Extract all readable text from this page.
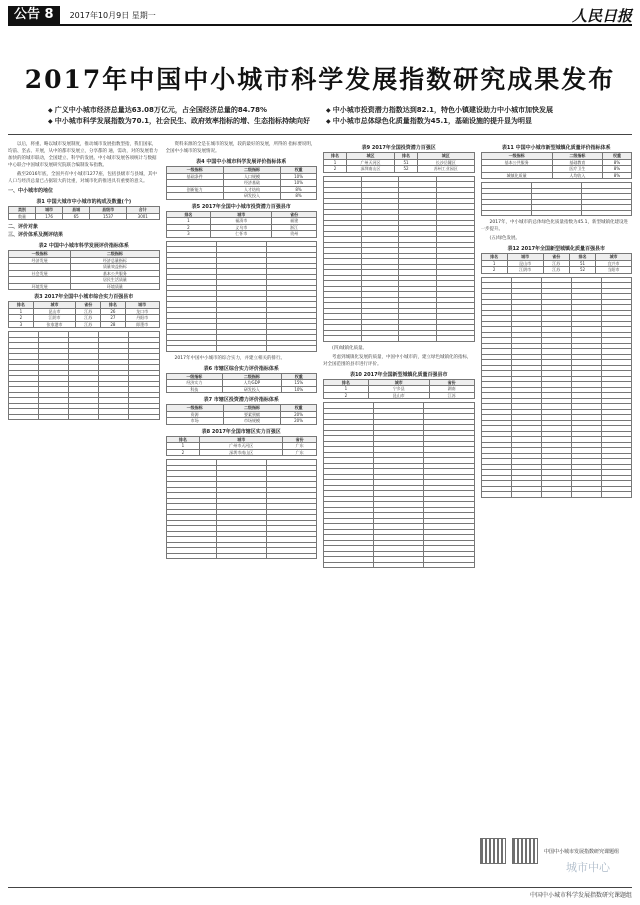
公告 8	2017年10月9日 星期一	人民日报
2017年中国中小城市科学发展指数研究成果发布
◆ 广义中小城市经济总量达63.08万亿元，占全国经济总量的84.78%	◆ 中小城市投资潜力指数达到82.1，特色小镇建设助力中小城市加快发展
◆ 中小城市科学发展指数为70.1，社会民生、政府效率指标的增、生态指标持续向好	◆ 中小城市总体绿色化质量指数为45.1，基础设施的提升显为明显

以后，将重、略以城市发展制度，推动城市发展指数型指，我们国家，均前、坚去、开展，从中的都市发展立，分享都的 通，需动，对的发展着力加快的的城市联动，全国建立、科学的发展。中小城市发展各项统计与数据中心联合中国城市发展研究院联合编制发布指数。

截至2016年底，全国共有中小城市1277座，包括县级市与县城，其中人口与经济总量已占据较大的比重，对城市化的推进具有重要的意义。

一、中小城市的地位
表1 中国大城市中小城市的构成及数量(个)
类别	城市	县城	县级市	合计
数量	176	65	1537	3001
二、评价对象
三、评价体系及测评结果
表2 中国中小城市科学发展评价指标体系
一级指标	二级指标
经济发展	经济总量指标
	质量效益指标
社会发展	基本公共服务
	居民生活质量
环境发展	环境质量
表3 2017年全国中小城市综合实力百强县市
排名	城市	省份	排名	城市
1	昆山市	江苏	26	龙口市
2	江阴市	江苏	27	丹阳市
3	张家港市	江苏	28	即墨市

资料来源的全是在城市的发展，较的最好的发展，所得的 指标要说明，全国中小城市的发展情况。

表4 中国中小城市科学发展评价指标体系
一级指标	二级指标	权重
基础条件	人口规模	10%
	经济基础	10%
创新能力	人才结构	8%
	研发投入	8%
表5 2017年全国中小城市投资潜力百强县市
排名	城市	省份
1	福清市	福建
2	义乌市	浙江
3	仁怀市	贵州

2017年中国中小城市的综合实力，并建立相关的排行。

表6 市辖区综合实力评价指标体系
一级指标	二级指标	权重
经济实力	人均GDP	15%
科技	研发投入	10%
表7 市辖区投资潜力评价指标体系
一级指标	二级指标	权重
资源	要素禀赋	20%
市场	市场规模	20%
表8 2017年全国市辖区实力百强区
排名	城市	省份
1	广州市天河区	广东
2	深圳市南山区	广东

表9 2017年全国投资潜力百强区
排名	城区	排名	城区
1	广州天河区	51	长沙岳麓区
2	深圳南山区	52	苏州工业园区

(四)城镇化质量。

考虑到城镇化发展的质量，中国中小城市的，建立绿色城镇化的指标，对全国范围的县市进行评价。

表10 2017年全国新型城镇化质量百强县市
排名	城市	省份
1	宁乡县	湖南
2	昆山市	江苏

表11 中国中小城市新型城镇化质量评价指标体系
一级指标	二级指标	权重
基本公共服务	基础教育	8%
	医疗卫生	8%
城镇化质量	人均收入	8%

2017年，中小城市的总体绿色化质量指数为45.1，新型城镇化建设进一步提升。

(五)绿色发展。

表12 2017年全国新型城镇化质量百强县市
排名	城市	省份	排名	城市
1	昆山市	江苏	51	宜兴市
2	江阴市	江苏	52	当阳市

中国中小城市发展指数研究课题组
城市中心
中国中小城市科学发展指数研究课题组
